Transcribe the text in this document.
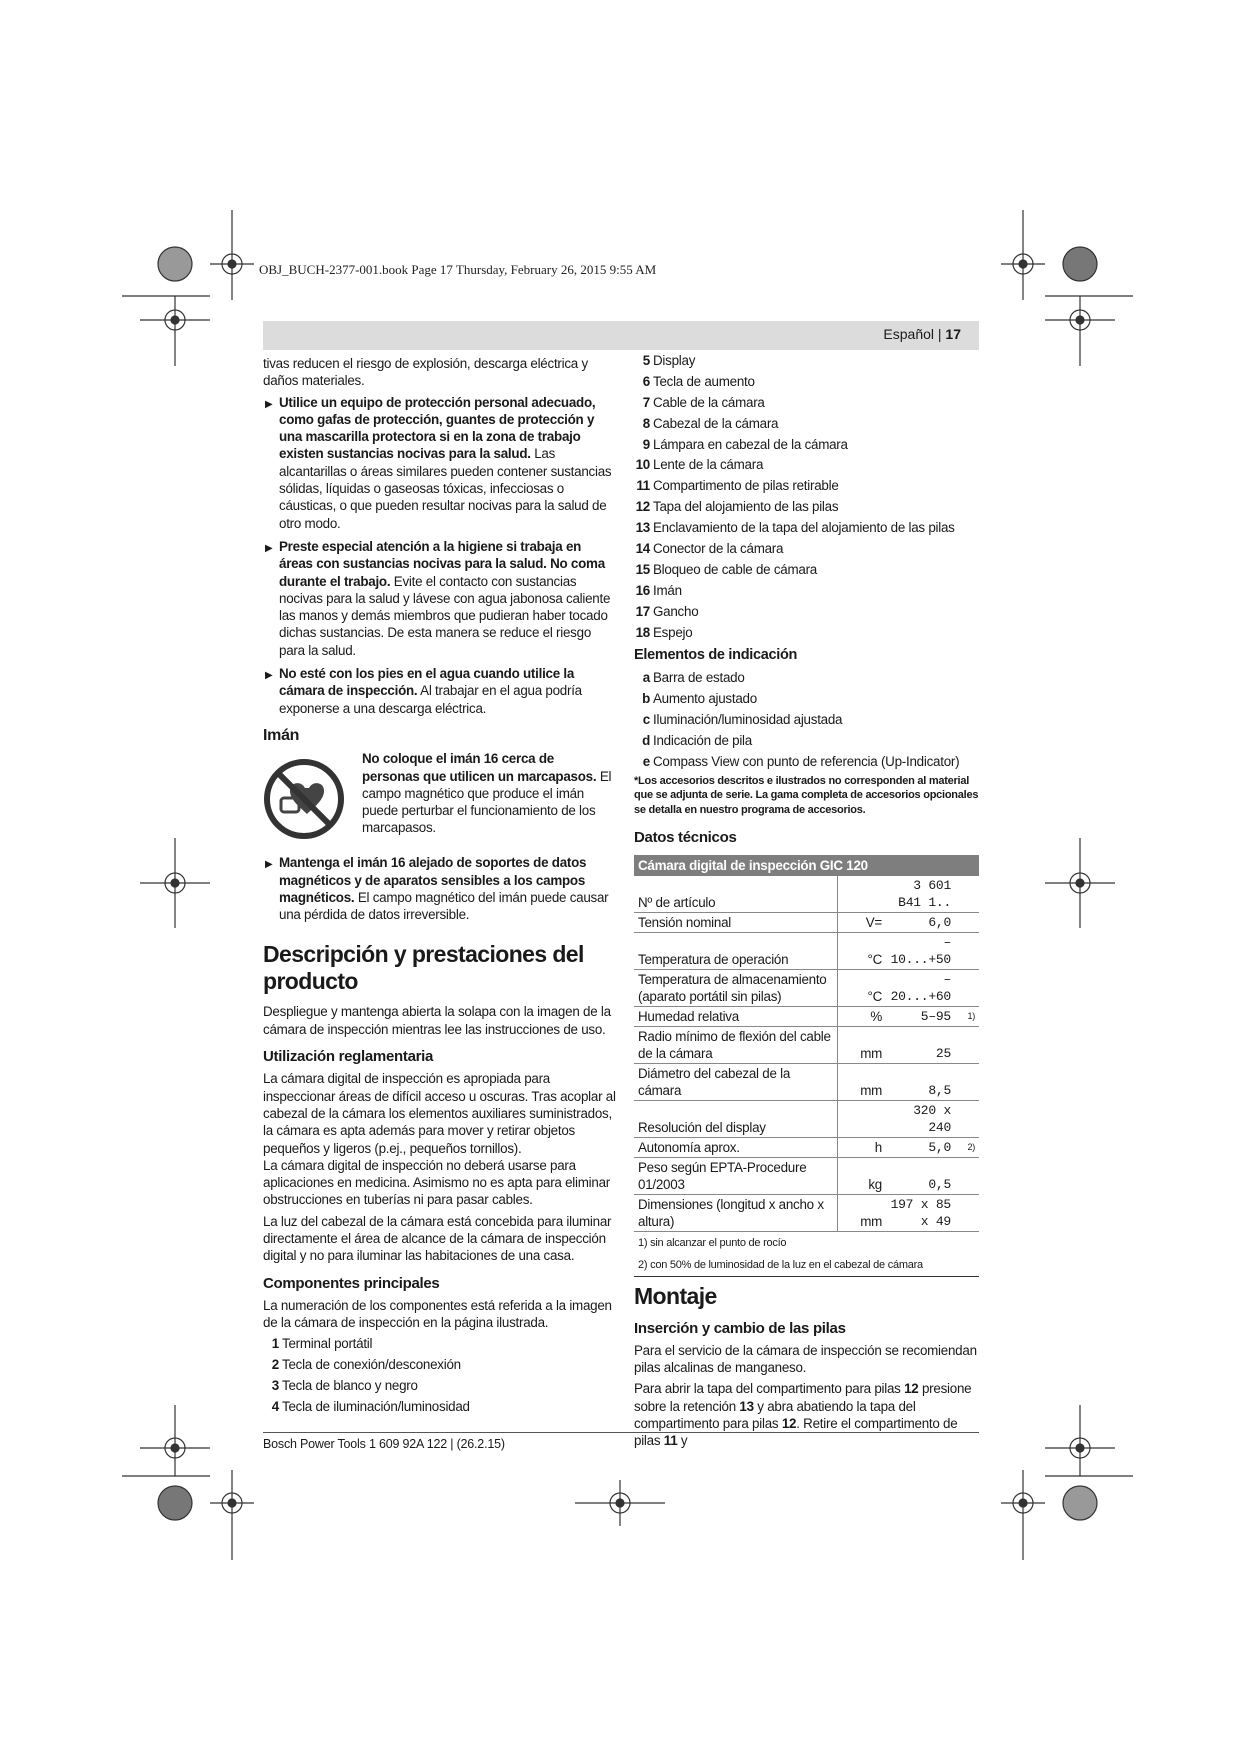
OBJ_BUCH-2377-001.book Page 17 Thursday, February 26, 2015 9:55 AM
Español | 17

tivas reducen el riesgo de explosión, descarga eléctrica y daños materiales.

▶ Utilice un equipo de protección personal adecuado, como gafas de protección, guantes de protección y una mascarilla protectora si en la zona de trabajo existen sustancias nocivas para la salud. Las alcantarillas o áreas similares pueden contener sustancias sólidas, líquidas o gaseosas tóxicas, infecciosas o cáusticas, o que pueden resultar nocivas para la salud de otro modo.
▶ Preste especial atención a la higiene si trabaja en áreas con sustancias nocivas para la salud. No coma durante el trabajo. Evite el contacto con sustancias nocivas para la salud y lávese con agua jabonosa caliente las manos y demás miembros que pudieran haber tocado dichas sustancias. De esta manera se reduce el riesgo para la salud.
▶ No esté con los pies en el agua cuando utilice la cámara de inspección. Al trabajar en el agua podría exponerse a una descarga eléctrica.
Imán
No coloque el imán 16 cerca de personas que utilicen un marcapasos. El campo magnético que produce el imán puede perturbar el funcionamiento de los marcapasos.
▶ Mantenga el imán 16 alejado de soportes de datos magnéticos y de aparatos sensibles a los campos magnéticos. El campo magnético del imán puede causar una pérdida de datos irreversible.
Descripción y prestaciones del producto

Despliegue y mantenga abierta la solapa con la imagen de la cámara de inspección mientras lee las instrucciones de uso.

Utilización reglamentaria

La cámara digital de inspección es apropiada para inspeccionar áreas de difícil acceso u oscuras. Tras acoplar al cabezal de la cámara los elementos auxiliares suministrados, la cámara es apta además para mover y retirar objetos pequeños y ligeros (p.ej., pequeños tornillos).

La cámara digital de inspección no deberá usarse para aplicaciones en medicina. Asimismo no es apta para eliminar obstrucciones en tuberías ni para pasar cables.

La luz del cabezal de la cámara está concebida para iluminar directamente el área de alcance de la cámara de inspección digital y no para iluminar las habitaciones de una casa.

Componentes principales

La numeración de los componentes está referida a la imagen de la cámara de inspección en la página ilustrada.

1 Terminal portátil
2 Tecla de conexión/desconexión
3 Tecla de blanco y negro
4 Tecla de iluminación/luminosidad
5 Display
6 Tecla de aumento
7 Cable de la cámara
8 Cabezal de la cámara
9 Lámpara en cabezal de la cámara
10 Lente de la cámara
11 Compartimento de pilas retirable
12 Tapa del alojamiento de las pilas
13 Enclavamiento de la tapa del alojamiento de las pilas
14 Conector de la cámara
15 Bloqueo de cable de cámara
16 Imán
17 Gancho
18 Espejo
Elementos de indicación
a Barra de estado
b Aumento ajustado
c Iluminación/luminosidad ajustada
d Indicación de pila
e Compass View con punto de referencia (Up-Indicator)
*Los accesorios descritos e ilustrados no corresponden al material que se adjunta de serie. La gama completa de accesorios opcionales se detalla en nuestro programa de accesorios.
Datos técnicos
Cámara digital de inspección GIC 120			
Nº de artículo		3 601 B41 1..	
Tensión nominal	V=	6,0	
Temperatura de operación	°C	–10...+50	
Temperatura de almacenamiento (aparato portátil sin pilas)	°C	–20...+60	
Humedad relativa	%	5–95	1)
Radio mínimo de flexión del cable de la cámara	mm	25	
Diámetro del cabezal de la cámara	mm	8,5	
Resolución del display		320 x 240	
Autonomía aprox.	h	5,0	2)
Peso según EPTA-Procedure 01/2003	kg	0,5	
Dimensiones (longitud x ancho x altura)	mm	197 x 85 x 49	
1) sin alcanzar el punto de rocío			
2) con 50% de luminosidad de la luz en el cabezal de cámara			
Montaje
Inserción y cambio de las pilas

Para el servicio de la cámara de inspección se recomiendan pilas alcalinas de manganeso.

Para abrir la tapa del compartimento para pilas 12 presione sobre la retención 13 y abra abatiendo la tapa del compartimento para pilas 12. Retire el compartimento de pilas 11 y

Bosch Power Tools 1 609 92A 122 | (26.2.15)
